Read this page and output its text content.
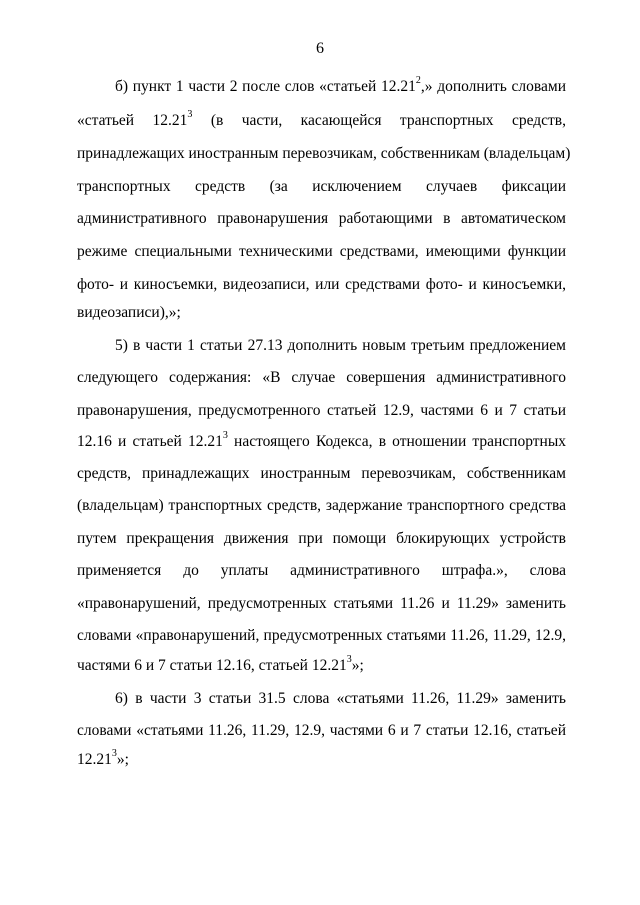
6
б) пункт 1 части 2 после слов «статьей 12.21$^2$,» дополнить словами
«статьей 12.21$^3$ (в части, касающейся транспортных средств,
принадлежащих иностранным перевозчикам, собственникам (владельцам)
транспортных средств (за исключением случаев фиксации
административного правонарушения работающими в автоматическом
режиме специальными техническими средствами, имеющими функции
фото- и киносъемки, видеозаписи, или средствами фото- и киносъемки,
видеозаписи),»;
5) в части 1 статьи 27.13 дополнить новым третьим предложением
следующего содержания: «В случае совершения административного
правонарушения, предусмотренного статьей 12.9, частями 6 и 7 статьи
12.16 и статьей 12.21$^3$ настоящего Кодекса, в отношении транспортных
средств, принадлежащих иностранным перевозчикам, собственникам
(владельцам) транспортных средств, задержание транспортного средства
путем прекращения движения при помощи блокирующих устройств
применяется до уплаты административного штрафа.», слова
«правонарушений, предусмотренных статьями 11.26 и 11.29» заменить
словами «правонарушений, предусмотренных статьями 11.26, 11.29, 12.9,
частями 6 и 7 статьи 12.16, статьей 12.21$^3$»;
6) в части 3 статьи 31.5 слова «статьями 11.26, 11.29» заменить
словами «статьями 11.26, 11.29, 12.9, частями 6 и 7 статьи 12.16, статьей
12.21$^3$»;
